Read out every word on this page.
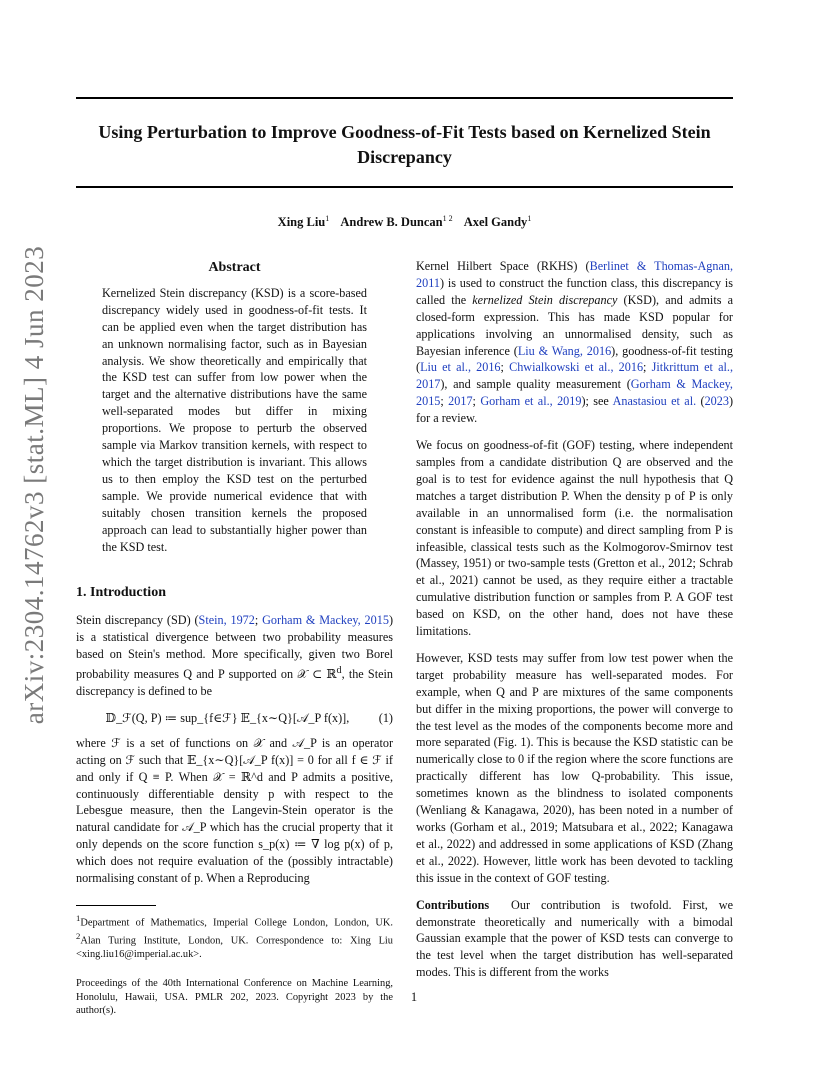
Using Perturbation to Improve Goodness-of-Fit Tests based on Kernelized Stein Discrepancy
Xing Liu$^1$ Andrew B. Duncan$^{1 2}$ Axel Gandy$^1$
arXiv:2304.14762v3 [stat.ML] 4 Jun 2023	Abstract
Kernelized Stein discrepancy (KSD) is a score-based discrepancy widely used in goodness-of-fit tests. It can be applied even when the target distribution has an unknown normalising factor, such as in Bayesian analysis. We show theoretically and empirically that the KSD test can suffer from low power when the target and the alternative distributions have the same well-separated modes but differ in mixing proportions. We propose to perturb the observed sample via Markov transition kernels, with respect to which the target distribution is invariant. This allows us to then employ the KSD test on the perturbed sample. We provide numerical evidence that with suitably chosen transition kernels the proposed approach can lead to substantially higher power than the KSD test.
1. Introduction

Stein discrepancy (SD) (Stein, 1972; Gorham & Mackey, 2015) is a statistical divergence between two probability measures based on Stein's method. More specifically, given two Borel probability measures Q and P supported on 𝒳 ⊂ ℝ$^d$, the Stein discrepancy is defined to be

𝔻_ℱ(Q, P) ≔ sup_{f∈ℱ} 𝔼_{x∼Q}[𝒜_P f(x)],	(1)

where ℱ is a set of functions on 𝒳 and 𝒜_P is an operator acting on ℱ such that 𝔼_{x∼Q}[𝒜_P f(x)] = 0 for all f ∈ ℱ if and only if Q ≡ P. When 𝒳 = ℝ^d and P admits a positive, continuously differentiable density p with respect to the Lebesgue measure, then the Langevin-Stein operator is the natural candidate for 𝒜_P which has the crucial property that it only depends on the score function s_p(x) ≔ ∇ log p(x) of p, which does not require evaluation of the (possibly intractable) normalising constant of p. When a Reproducing

$^1$Department of Mathematics, Imperial College London, London, UK. $^2$Alan Turing Institute, London, UK. Correspondence to: Xing Liu <xing.liu16@imperial.ac.uk>.
Proceedings of the 40th International Conference on Machine Learning, Honolulu, Hawaii, USA. PMLR 202, 2023. Copyright 2023 by the author(s).

Kernel Hilbert Space (RKHS) (Berlinet & Thomas-Agnan, 2011) is used to construct the function class, this discrepancy is called the kernelized Stein discrepancy (KSD), and admits a closed-form expression. This has made KSD popular for applications involving an unnormalised density, such as Bayesian inference (Liu & Wang, 2016), goodness-of-fit testing (Liu et al., 2016; Chwialkowski et al., 2016; Jitkrittum et al., 2017), and sample quality measurement (Gorham & Mackey, 2015; 2017; Gorham et al., 2019); see Anastasiou et al. (2023) for a review.

We focus on goodness-of-fit (GOF) testing, where independent samples from a candidate distribution Q are observed and the goal is to test for evidence against the null hypothesis that Q matches a target distribution P. When the density p of P is only available in an unnormalised form (i.e. the normalisation constant is infeasible to compute) and direct sampling from P is infeasible, classical tests such as the Kolmogorov-Smirnov test (Massey, 1951) or two-sample tests (Gretton et al., 2012; Schrab et al., 2021) cannot be used, as they require either a tractable cumulative distribution function or samples from P. A GOF test based on KSD, on the other hand, does not have these limitations.

However, KSD tests may suffer from low test power when the target probability measure has well-separated modes. For example, when Q and P are mixtures of the same components but differ in the mixing proportions, the power will converge to the test level as the modes of the components become more and more separated (Fig. 1). This is because the KSD statistic can be numerically close to 0 if the region where the score functions are practically different has low Q-probability. This issue, sometimes known as the blindness to isolated components (Wenliang & Kanagawa, 2020), has been noted in a number of works (Gorham et al., 2019; Matsubara et al., 2022; Kanagawa et al., 2022) and addressed in some applications of KSD (Zhang et al., 2022). However, little work has been devoted to tackling this issue in the context of GOF testing.

Contributions Our contribution is twofold. First, we demonstrate theoretically and numerically with a bimodal Gaussian example that the power of KSD tests can converge to the test level when the target distribution has well-separated modes. This is different from the works

1
